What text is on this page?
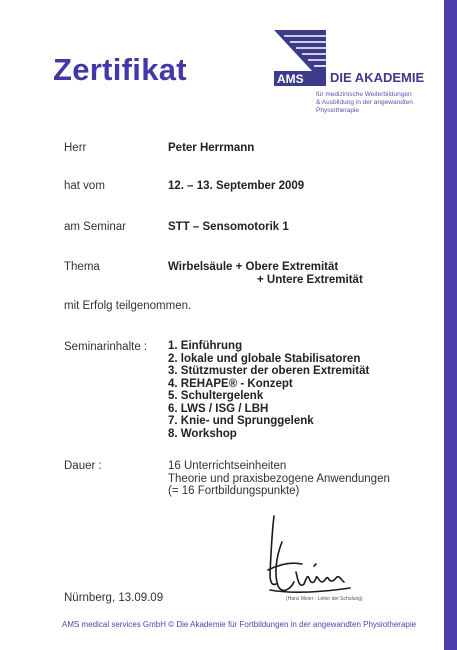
Zertifikat	AMS DIE AKADEMIE
für medizinische Weiterbildungen
& Ausbildung in der angewandten
Physiotherapie
Herr	Peter Herrmann
hat vom	12. – 13. September 2009
am Seminar	STT – Sensomotorik 1
Thema	Wirbelsäule + Obere Extremität
+ Untere Extremität
mit Erfolg teilgenommen.
Seminarinhalte : 1. Einführung
2. lokale und globale Stabilisatoren
3. Stützmuster der oberen Extremität
4. REHAPE® - Konzept
5. Schultergelenk
6. LWS / ISG / LBH
7. Knie- und Sprunggelenk
8. Workshop
Dauer :	16 Unterrichtseinheiten
Theorie und praxisbezogene Anwendungen
(= 16 Fortbildungspunkte)
(Hans Meier - Leiter der Schulung)
Nürnberg, 13.09.09
AMS medical services GmbH © Die Akademie für Fortbildungen in der angewandten Physiotherapie
